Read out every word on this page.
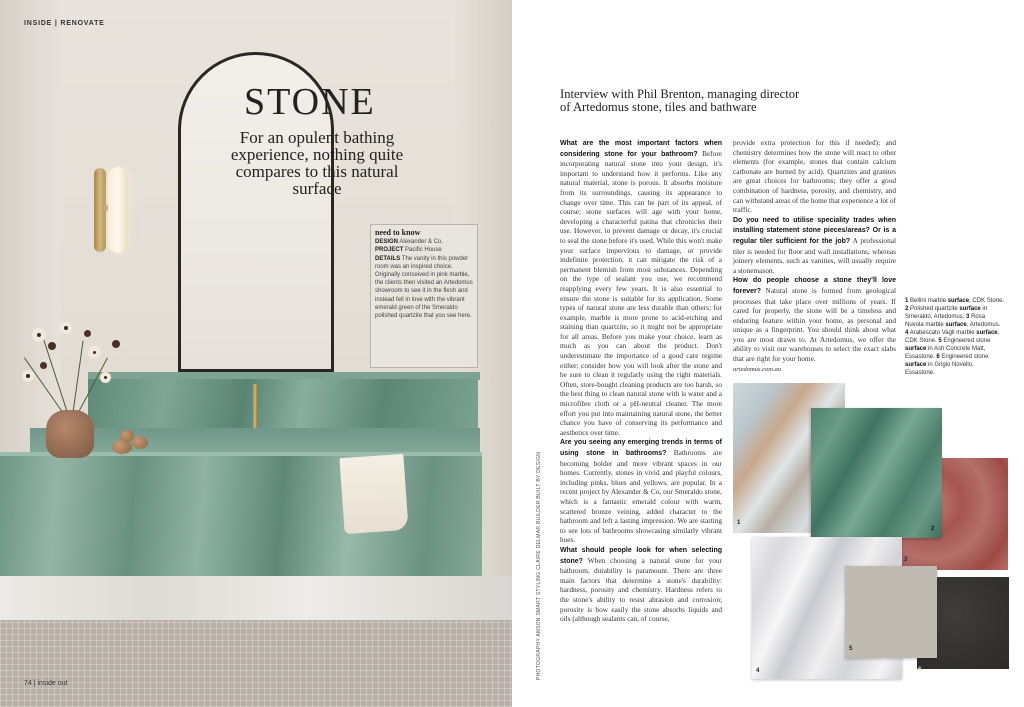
INSIDE | RENOVATE
STONE
For an opulent bathing experience, nothing quite compares to this natural surface
need to know
DESIGN Alexander & Co.
PROJECT Pacific House
DETAILS The vanity in this powder room was an inspired choice. Originally conceived in pink marble, the clients then visited an Artedomus showroom to see it in the flesh and instead fell in love with the vibrant emerald green of the Smeraldo polished quartzite that you see here.
74 | inside out
Interview with Phil Brenton, managing director of Artedomus stone, tiles and bathware
PHOTOGRAPHY ANSON SMART STYLING CLAIRE DELMAR BUILDER BUILT BY DESIGN

What are the most important factors when considering stone for your bathroom? Before incorporating natural stone into your design, it's important to understand how it performs. Like any natural material, stone is porous. It absorbs moisture from its surroundings, causing its appearance to change over time. This can be part of its appeal, of course; stone surfaces will age with your home, developing a characterful patina that chronicles their use. However, to prevent damage or decay, it's crucial to seal the stone before it's used. While this won't make your surface impervious to damage, or provide indefinite protection, it can mitigate the risk of a permanent blemish from most substances. Depending on the type of sealant you use, we recommend reapplying every few years. It is also essential to ensure the stone is suitable for its application. Some types of natural stone are less durable than others; for example, marble is more prone to acid-etching and staining than quartzite, so it might not be appropriate for all areas. Before you make your choice, learn as much as you can about the product. Don't underestimate the importance of a good care regime either; consider how you will look after the stone and be sure to clean it regularly using the right materials. Often, store-bought cleaning products are too harsh, so the best thing to clean natural stone with is water and a microfibre cloth or a pH-neutral cleaner. The more effort you put into maintaining natural stone, the better chance you have of conserving its performance and aesthetics over time.

Are you seeing any emerging trends in terms of using stone in bathrooms? Bathrooms are becoming bolder and more vibrant spaces in our homes. Currently, stones in vivid and playful colours, including pinks, blues and yellows, are popular. In a recent project by Alexander & Co, our Smeraldo stone, which is a fantastic emerald colour with warm, scattered bronze veining, added character to the bathroom and left a lasting impression. We are starting to see lots of bathrooms showcasing similarly vibrant hues.

What should people look for when selecting stone? When choosing a natural stone for your bathroom, durability is paramount. There are three main factors that determine a stone's durability: hardness, porosity and chemistry. Hardness refers to the stone's ability to resist abrasion and corrosion; porosity is how easily the stone absorbs liquids and oils (although sealants can, of course,

provide extra protection for this if needed); and chemistry determines how the stone will react to other elements (for example, stones that contain calcium carbonate are burned by acid). Quartzites and granites are great choices for bathrooms; they offer a good combination of hardness, porosity, and chemistry, and can withstand areas of the home that experience a lot of traffic.

Do you need to utilise speciality trades when installing statement stone pieces/areas? Or is a regular tiler sufficient for the job? A professional tiler is needed for floor and wall installations, whereas joinery elements, such as vanities, will usually require a stonemason.

How do people choose a stone they'll love forever? Natural stone is formed from geological processes that take place over millions of years. If cared for properly, the stone will be a timeless and enduring feature within your home, as personal and unique as a fingerprint. You should think about what you are most drawn to. At Artedomus, we offer the ability to visit our warehouses to select the exact slabs that are right for your home.

artedomus.com.au

1 Bellini marble surface, CDK Stone. 2 Polished quartzite surface in Smeraldo, Artedomus. 3 Rosa Nuvola marble surface, Artedomus. 4 Arabescato Vagli marble surface, CDK Stone. 5 Engineered stone surface in Ash Concrete Matt, Essastone. 6 Engineered stone surface in Grigio Novello, Essastone.
1
2
3
4
5
6
